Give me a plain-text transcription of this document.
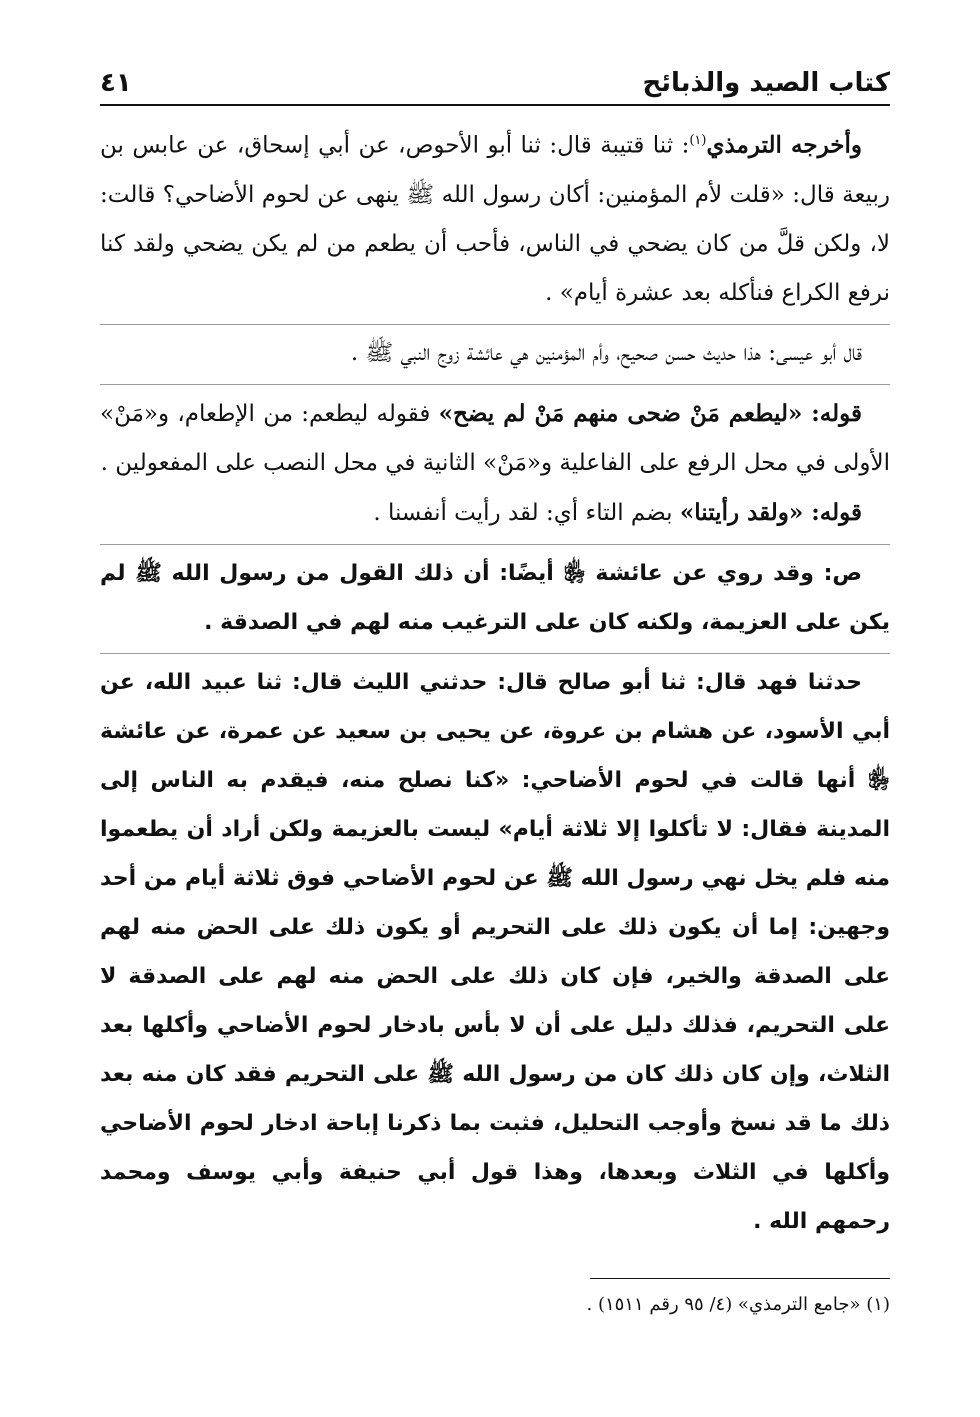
كتاب الصيد والذبائح
٤١

وأخرجه الترمذي$^{(١)}$: ثنا قتيبة قال: ثنا أبو الأحوص، عن أبي إسحاق، عن عابس بن ربيعة قال: «قلت لأم المؤمنين: أكان رسول الله ﷺ ينهى عن لحوم الأضاحي؟ قالت: لا، ولكن قلَّ من كان يضحي في الناس، فأحب أن يطعم من لم يكن يضحي ولقد كنا نرفع الكراع فنأكله بعد عشرة أيام» .

قال أبو عيسى: هذا حديث حسن صحيح، وأم المؤمنين هي عائشة زوج النبي ﷺ .

قوله: «ليطعم مَنْ ضحى منهم مَنْ لم يضح» فقوله ليطعم: من الإطعام، و«مَنْ» الأولى في محل الرفع على الفاعلية و«مَنْ» الثانية في محل النصب على المفعولين .

قوله: «ولقد رأيتنا» بضم التاء أي: لقد رأيت أنفسنا .

ص: وقد روي عن عائشة ﵂ أيضًا: أن ذلك القول من رسول الله ﷺ لم يكن على العزيمة، ولكنه كان على الترغيب منه لهم في الصدقة .

حدثنا فهد قال: ثنا أبو صالح قال: حدثني الليث قال: ثنا عبيد الله، عن أبي الأسود، عن هشام بن عروة، عن يحيى بن سعيد عن عمرة، عن عائشة ﵂ أنها قالت في لحوم الأضاحي: «كنا نصلح منه، فيقدم به الناس إلى المدينة فقال: لا تأكلوا إلا ثلاثة أيام» ليست بالعزيمة ولكن أراد أن يطعموا منه فلم يخل نهي رسول الله ﷺ عن لحوم الأضاحي فوق ثلاثة أيام من أحد وجهين: إما أن يكون ذلك على التحريم أو يكون ذلك على الحض منه لهم على الصدقة والخير، فإن كان ذلك على الحض منه لهم على الصدقة لا على التحريم، فذلك دليل على أن لا بأس بادخار لحوم الأضاحي وأكلها بعد الثلاث، وإن كان ذلك كان من رسول الله ﷺ على التحريم فقد كان منه بعد ذلك ما قد نسخ وأوجب التحليل، فثبت بما ذكرنا إباحة ادخار لحوم الأضاحي وأكلها في الثلاث وبعدها، وهذا قول أبي حنيفة وأبي يوسف ومحمد رحمهم الله .

(١) «جامع الترمذي» (٤/ ٩٥ رقم ١٥١١) .
